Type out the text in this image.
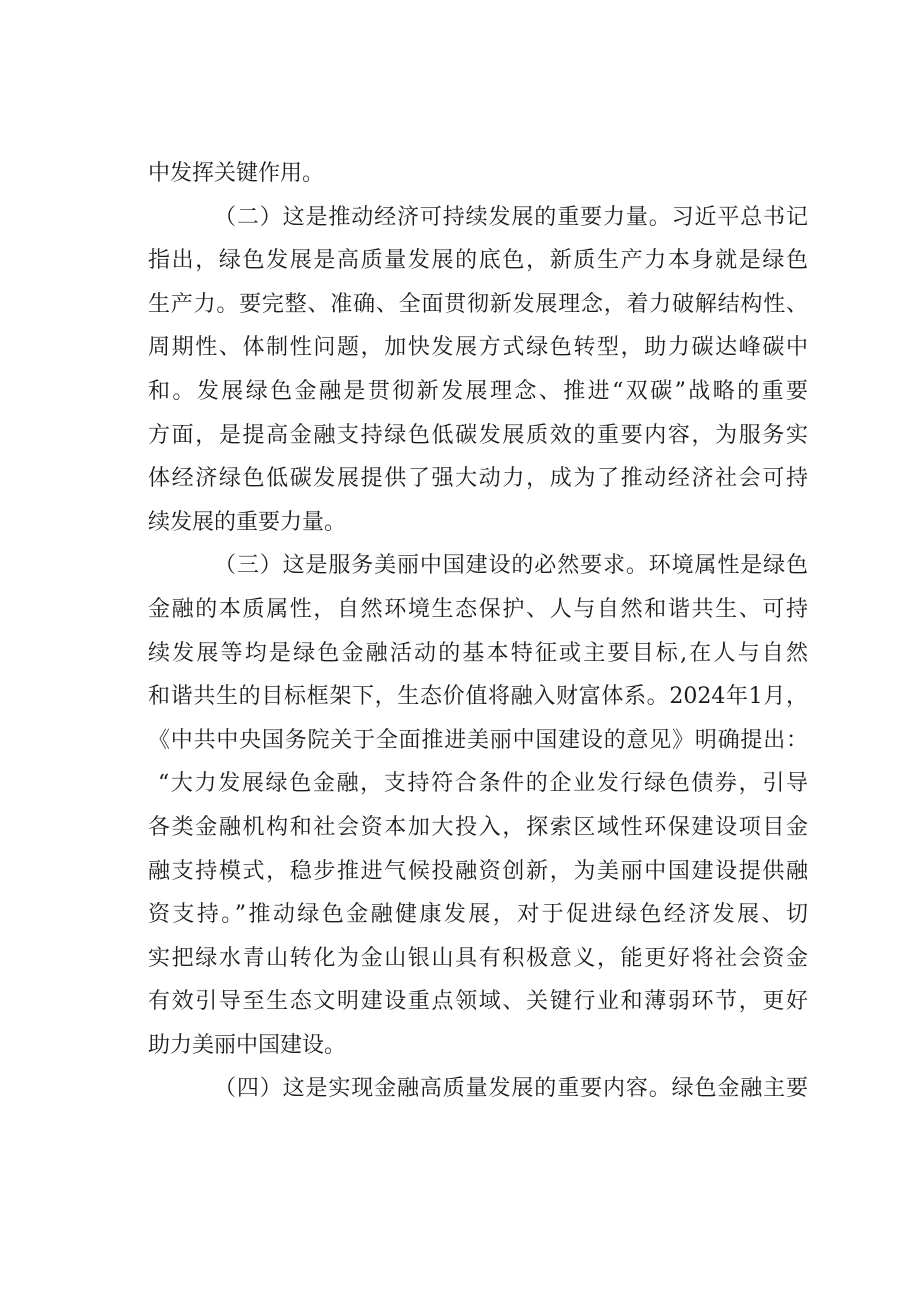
中发挥关键作用。
（二）这是推动经济可持续发展的重要力量。习近平总书记
指出，绿色发展是高质量发展的底色，新质生产力本身就是绿色
生产力。要完整、准确、全面贯彻新发展理念，着力破解结构性、
周期性、体制性问题，加快发展方式绿色转型，助力碳达峰碳中
和。发展绿色金融是贯彻新发展理念、推进“双碳”战略的重要
方面，是提高金融支持绿色低碳发展质效的重要内容，为服务实
体经济绿色低碳发展提供了强大动力，成为了推动经济社会可持
续发展的重要力量。
（三）这是服务美丽中国建设的必然要求。环境属性是绿色
金融的本质属性，自然环境生态保护、人与自然和谐共生、可持
续发展等均是绿色金融活动的基本特征或主要目标,在人与自然
和谐共生的目标框架下，生态价值将融入财富体系。2024年1月，
《中共中央国务院关于全面推进美丽中国建设的意见》明确提出：
“大力发展绿色金融，支持符合条件的企业发行绿色债券，引导
各类金融机构和社会资本加大投入，探索区域性环保建设项目金
融支持模式，稳步推进气候投融资创新，为美丽中国建设提供融
资支持。”推动绿色金融健康发展，对于促进绿色经济发展、切
实把绿水青山转化为金山银山具有积极意义，能更好将社会资金
有效引导至生态文明建设重点领域、关键行业和薄弱环节，更好
助力美丽中国建设。
（四）这是实现金融高质量发展的重要内容。绿色金融主要
